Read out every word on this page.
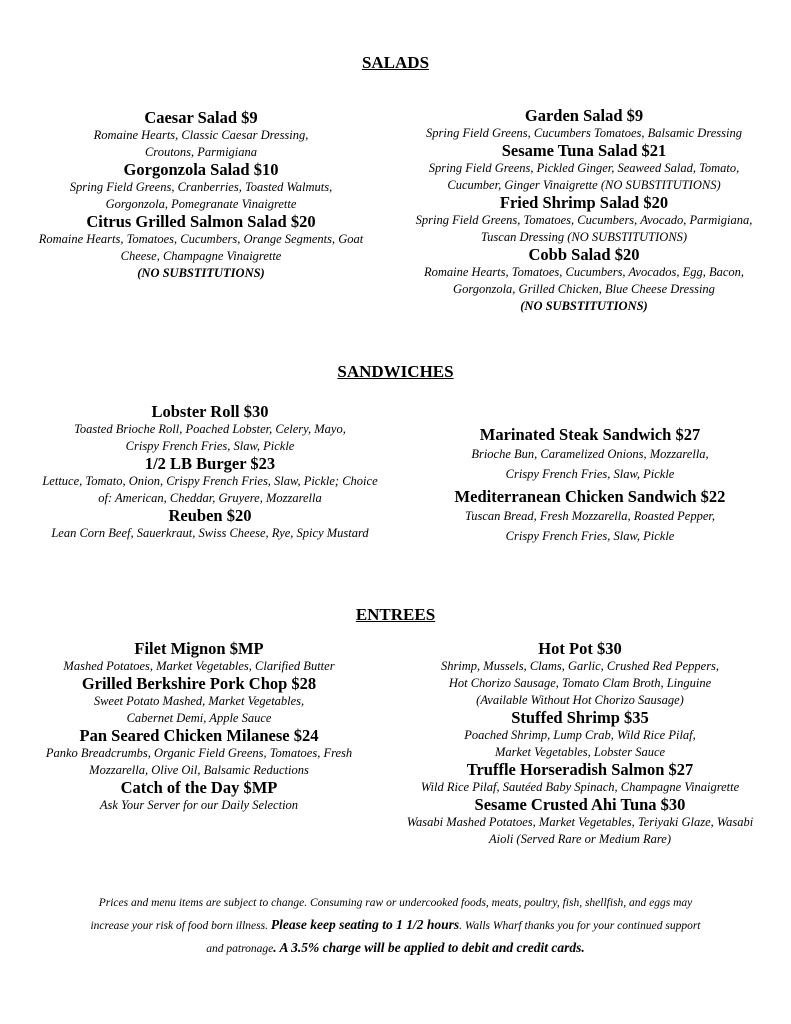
SALADS
Caesar Salad $9
Romaine Hearts, Classic Caesar Dressing,
Croutons, Parmigiana
Gorgonzola Salad $10
Spring Field Greens, Cranberries, Toasted Walmuts,
Gorgonzola, Pomegranate Vinaigrette
Citrus Grilled Salmon Salad $20
Romaine Hearts, Tomatoes, Cucumbers, Orange Segments, Goat
Cheese, Champagne Vinaigrette
(NO SUBSTITUTIONS)
Garden Salad $9
Spring Field Greens, Cucumbers Tomatoes, Balsamic Dressing
Sesame Tuna Salad $21
Spring Field Greens, Pickled Ginger, Seaweed Salad, Tomato,
Cucumber, Ginger Vinaigrette (NO SUBSTITUTIONS)
Fried Shrimp Salad $20
Spring Field Greens, Tomatoes, Cucumbers, Avocado, Parmigiana,
Tuscan Dressing (NO SUBSTITUTIONS)
Cobb Salad $20
Romaine Hearts, Tomatoes, Cucumbers, Avocados, Egg, Bacon,
Gorgonzola, Grilled Chicken, Blue Cheese Dressing
(NO SUBSTITUTIONS)
SANDWICHES
Lobster Roll $30
Toasted Brioche Roll, Poached Lobster, Celery, Mayo,
Crispy French Fries, Slaw, Pickle
1/2 LB Burger $23
Lettuce, Tomato, Onion, Crispy French Fries, Slaw, Pickle; Choice
of: American, Cheddar, Gruyere, Mozzarella
Reuben $20
Lean Corn Beef, Sauerkraut, Swiss Cheese, Rye, Spicy Mustard
Marinated Steak Sandwich $27
Brioche Bun, Caramelized Onions, Mozzarella,
Crispy French Fries, Slaw, Pickle
Mediterranean Chicken Sandwich $22
Tuscan Bread, Fresh Mozzarella, Roasted Pepper,
Crispy French Fries, Slaw, Pickle
ENTREES
Filet Mignon $MP
Mashed Potatoes, Market Vegetables, Clarified Butter
Grilled Berkshire Pork Chop $28
Sweet Potato Mashed, Market Vegetables,
Cabernet Demi, Apple Sauce
Pan Seared Chicken Milanese $24
Panko Breadcrumbs, Organic Field Greens, Tomatoes, Fresh
Mozzarella, Olive Oil, Balsamic Reductions
Catch of the Day $MP
Ask Your Server for our Daily Selection
Hot Pot $30
Shrimp, Mussels, Clams, Garlic, Crushed Red Peppers,
Hot Chorizo Sausage, Tomato Clam Broth, Linguine
(Available Without Hot Chorizo Sausage)
Stuffed Shrimp $35
Poached Shrimp, Lump Crab, Wild Rice Pilaf,
Market Vegetables, Lobster Sauce
Truffle Horseradish Salmon $27
Wild Rice Pilaf, Sautéed Baby Spinach, Champagne Vinaigrette
Sesame Crusted Ahi Tuna $30
Wasabi Mashed Potatoes, Market Vegetables, Teriyaki Glaze, Wasabi
Aioli (Served Rare or Medium Rare)
Prices and menu items are subject to change. Consuming raw or undercooked foods, meats, poultry, fish, shellfish, and eggs may
increase your risk of food born illness. Please keep seating to 1 1/2 hours. Walls Wharf thanks you for your continued support
and patronage. A 3.5% charge will be applied to debit and credit cards.
